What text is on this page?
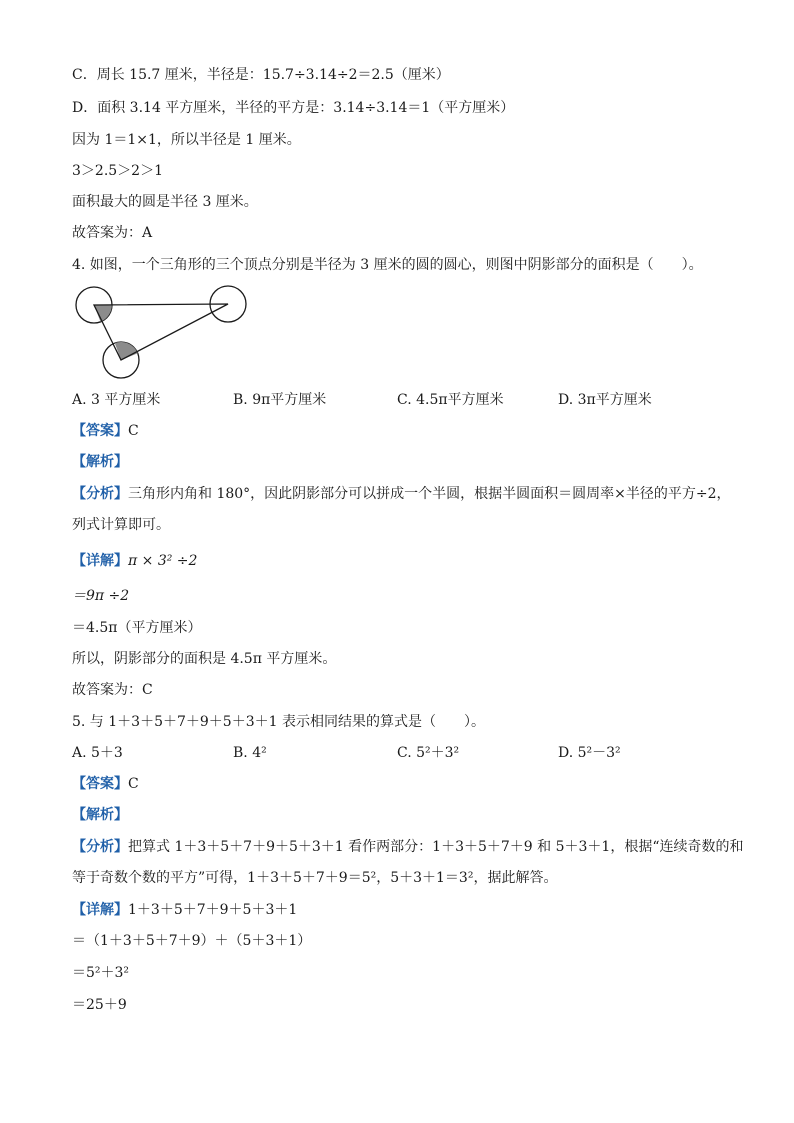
C．周长 15.7 厘米，半径是：15.7÷3.14÷2＝2.5（厘米）
D．面积 3.14 平方厘米，半径的平方是：3.14÷3.14＝1（平方厘米）
因为 1＝1×1，所以半径是 1 厘米。
3＞2.5＞2＞1
面积最大的圆是半径 3 厘米。
故答案为：A
4. 如图，一个三角形的三个顶点分别是半径为 3 厘米的圆的圆心，则图中阴影部分的面积是（　　）。
A. 3 平方厘米	B. 9π平方厘米	C. 4.5π平方厘米	D. 3π平方厘米
【答案】C
【解析】
【分析】三角形内角和 180°，因此阴影部分可以拼成一个半圆，根据半圆面积＝圆周率×半径的平方÷2，
列式计算即可。
【详解】π × 3² ÷2
＝9π ÷2
＝4.5π（平方厘米）
所以，阴影部分的面积是 4.5π 平方厘米。
故答案为：C
5. 与 1＋3＋5＋7＋9＋5＋3＋1 表示相同结果的算式是（　　）。
A. 5＋3	B. 4²	C. 5²＋3²	D. 5²－3²
【答案】C
【解析】
【分析】把算式 1＋3＋5＋7＋9＋5＋3＋1 看作两部分：1＋3＋5＋7＋9 和 5＋3＋1，根据“连续奇数的和
等于奇数个数的平方”可得，1＋3＋5＋7＋9＝5²，5＋3＋1＝3²，据此解答。
【详解】1＋3＋5＋7＋9＋5＋3＋1
＝（1＋3＋5＋7＋9）＋（5＋3＋1）
＝5²＋3²
＝25＋9
